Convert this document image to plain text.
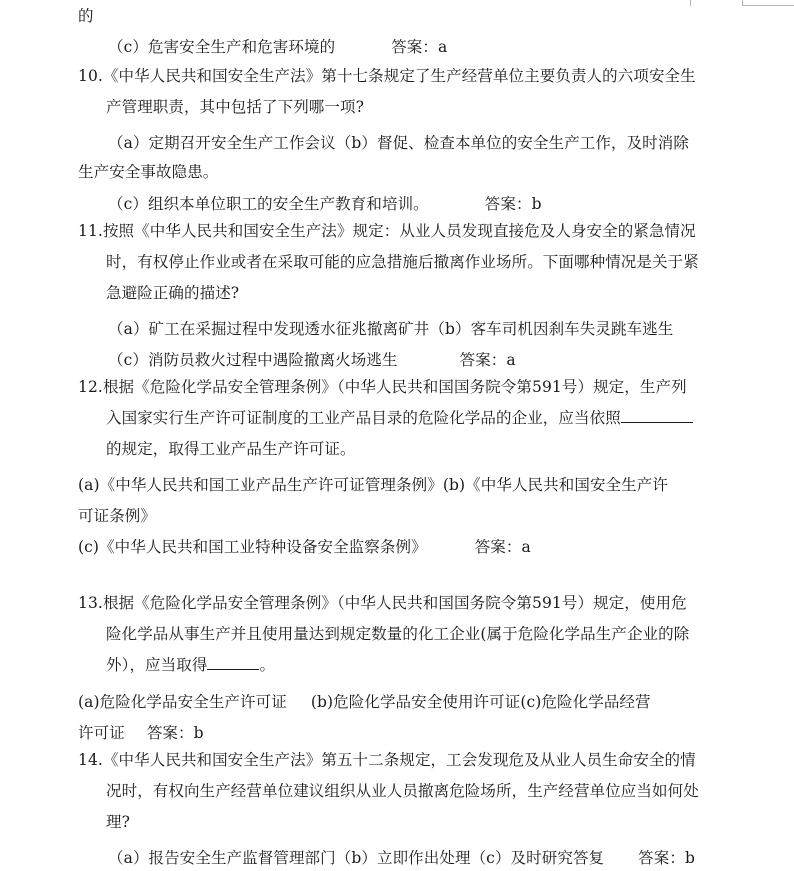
的
（c）危害安全生产和危害环境的	答案：a
10.《中华人民共和国安全生产法》第十七条规定了生产经营单位主要负责人的六项安全生
产管理职责，其中包括了下列哪一项?
（a）定期召开安全生产工作会议（b）督促、检查本单位的安全生产工作，及时消除
生产安全事故隐患。
（c）组织本单位职工的安全生产教育和培训。	答案：b
11.按照《中华人民共和国安全生产法》规定：从业人员发现直接危及人身安全的紧急情况
时，有权停止作业或者在采取可能的应急措施后撤离作业场所。下面哪种情况是关于紧
急避险正确的描述?
（a）矿工在采掘过程中发现透水征兆撤离矿井（b）客车司机因刹车失灵跳车逃生
（c）消防员救火过程中遇险撤离火场逃生	答案：a
12.根据《危险化学品安全管理条例》（中华人民共和国国务院令第591号）规定，生产列
入国家实行生产许可证制度的工业产品目录的危险化学品的企业，应当依照
的规定，取得工业产品生产许可证。
(a)《中华人民共和国工业产品生产许可证管理条例》(b)《中华人民共和国安全生产许
可证条例》
(c)《中华人民共和国工业特种设备安全监察条例》	答案：a
13.根据《危险化学品安全管理条例》（中华人民共和国国务院令第591号）规定，使用危
险化学品从事生产并且使用量达到规定数量的化工企业(属于危险化学品生产企业的除
外），应当取得	。
(a)危险化学品安全生产许可证 (b)危险化学品安全使用许可证(c)危险化学品经营
许可证 答案：b
14.《中华人民共和国安全生产法》第五十二条规定，工会发现危及从业人员生命安全的情
况时，有权向生产经营单位建议组织从业人员撤离危险场所，生产经营单位应当如何处
理?
（a）报告安全生产监督管理部门（b）立即作出处理（c）及时研究答复 答案：b
